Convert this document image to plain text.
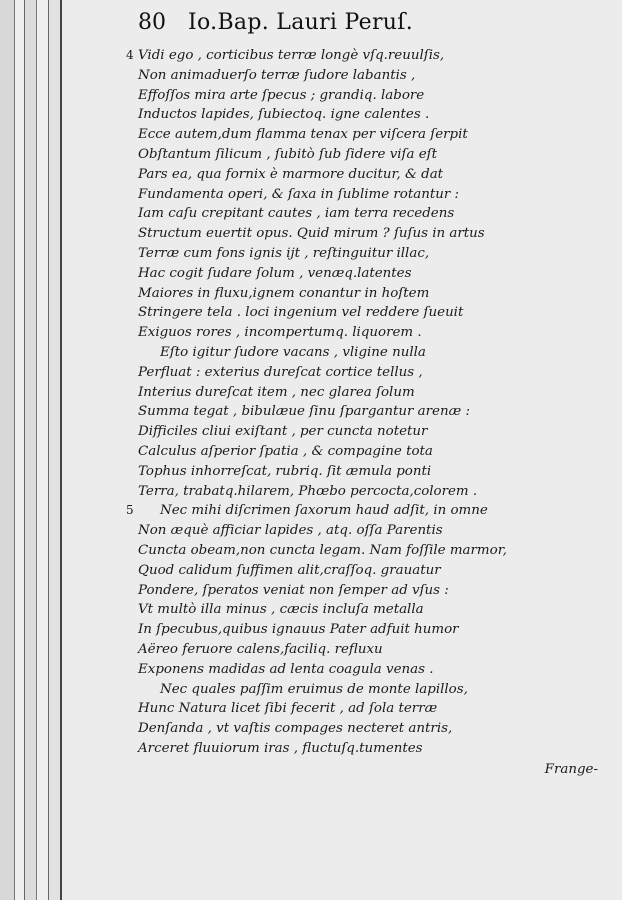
80 Io.Bap. Lauri Peruſ.
4 Vidi ego , corticibus terræ longè vſq.reuulſis,
Non animaduerſo terræ ſudore labantis ,
Effoſſos mira arte ſpecus ; grandiq. labore
Inductos lapides, ſubiectoq. igne calentes .
Ecce autem,dum flamma tenax per viſcera ſerpit
Obſtantum ſilicum , ſubitò ſub ſidere viſa eſt
Pars ea, qua fornix è marmore ducitur, & dat
Fundamenta operi, & ſaxa in ſublime rotantur :
Iam caſu crepitant cautes , iam terra recedens
Structum euertit opus. Quid mirum ? ſuſus in artus
Terræ cum fons ignis ijt , reſtinguitur illac,
Hac cogit ſudare ſolum , venæq.latentes
Maiores in fluxu,ignem conantur in hoſtem
Stringere tela . loci ingenium vel reddere ſueuit
Exiguos rores , incompertumq. liquorem .
Eſto igitur ſudore vacans , vligine nulla
Perfluat : exterius dureſcat cortice tellus ,
Interius dureſcat item , nec glarea ſolum
Summa tegat , bibulæue ſinu ſpargantur arenæ :
Difficiles cliui exiſtant , per cuncta notetur
Calculus aſperior ſpatia , & compagine tota
Tophus inhorreſcat, rubriq. ſit æmula ponti
Terra, trabatq.hilarem, Phœbo percocta,colorem .
5 Nec mihi diſcrimen ſaxorum haud adſit, in omne
Non æquè afficiar lapides , atq. oſſa Parentis
Cuncta obeam,non cuncta legam. Nam foſſile marmor,
Quod calidum ſuffimen alit,craſſoq. grauatur
Pondere, ſperatos veniat non ſemper ad vſus :
Vt multò illa minus , cæcis incluſa metalla
In ſpecubus,quibus ignauus Pater adfuit humor
Aëreo feruore calens,faciliq. refluxu
Exponens madidas ad lenta coagula venas .
Nec quales paſſim eruimus de monte lapillos,
Hunc Natura licet ſibi fecerit , ad ſola terræ
Denſanda , vt vaſtis compages necteret antris,
Arceret fluuiorum iras , fluctuſq.tumentes
Frange-
